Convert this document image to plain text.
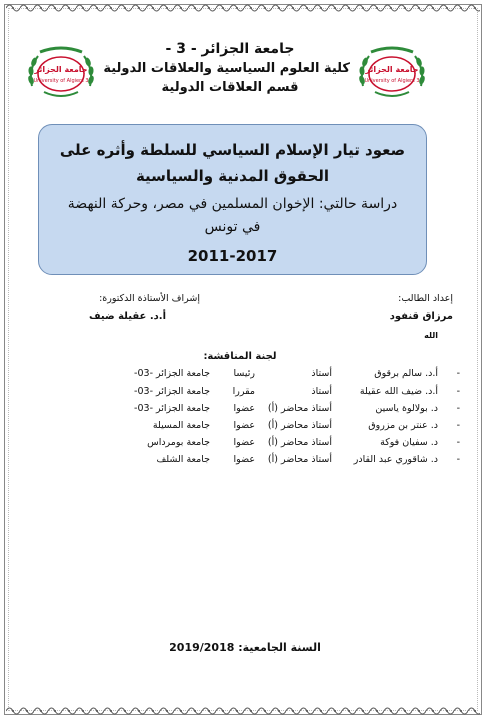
جامعة الجزائر
University of Algiers 3
جامعة الجزائر
University of Algiers 3
جامعة الجزائر - 3 -
كلية العلوم السياسية والعلاقات الدولية
قسم العلاقات الدولية
صعود تيار الإسلام السياسي للسلطة وأثره على الحقوق المدنية والسياسية
دراسة حالتي: الإخوان المسلمين في مصر، وحركة النهضة في تونس
2011-2017
إعداد الطالب:
مرزاق قنفود
الله
إشراف الأستاذة الدكتورة:
أ.د. عقيلة ضيف
لجنة المناقشة:
-
أ.د. سالم برقوق
أستاذ
رئيسا
جامعة الجزائر -03-
-
أ.د. ضيف الله عقيلة
أستاذ
مقررا
جامعة الجزائر -03-
-
د. بولالوة ياسين
أستاذ محاضر (أ)
عضوا
جامعة الجزائر -03-
-
د. عنتر بن مزروق
أستاذ محاضر (أ)
عضوا
جامعة المسيلة
-
د. سفيان فوكة
أستاذ محاضر (أ)
عضوا
جامعة بومرداس
-
د. شاقوري عبد القادر
أستاذ محاضر (أ)
عضوا
جامعة الشلف
السنة الجامعية: 2019/2018
